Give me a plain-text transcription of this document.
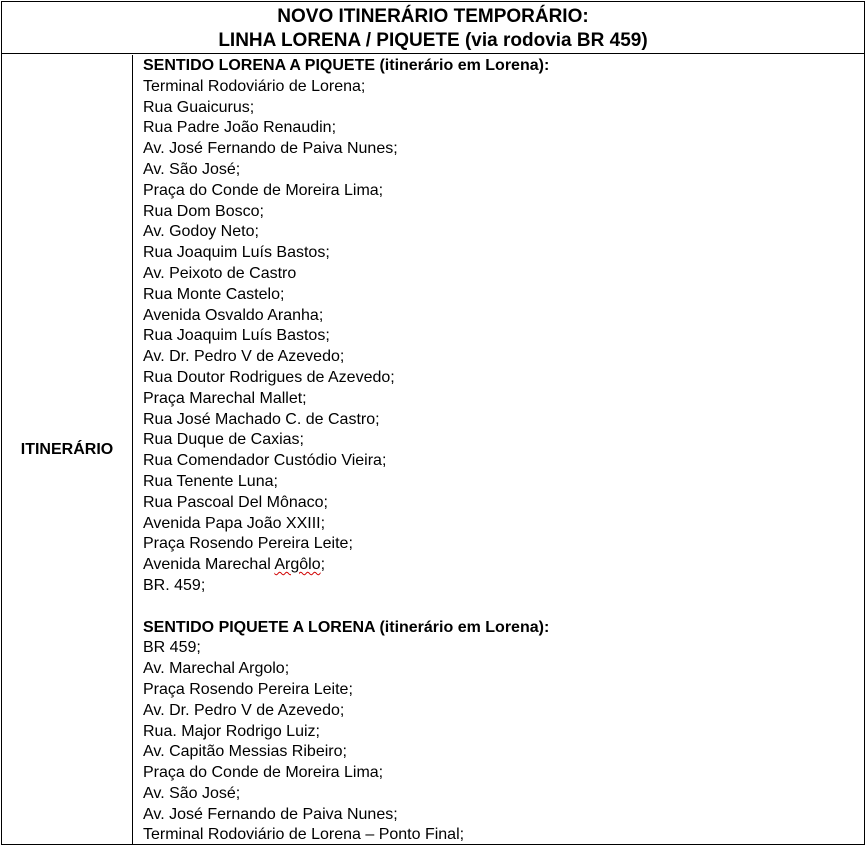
NOVO ITINERÁRIO TEMPORÁRIO:
LINHA LORENA / PIQUETE (via rodovia BR 459)
ITINERÁRIO
SENTIDO LORENA A PIQUETE (itinerário em Lorena):
Terminal Rodoviário de Lorena;
Rua Guaicurus;
Rua Padre João Renaudin;
Av. José Fernando de Paiva Nunes;
Av. São José;
Praça do Conde de Moreira Lima;
Rua Dom Bosco;
Av. Godoy Neto;
Rua Joaquim Luís Bastos;
Av. Peixoto de Castro
Rua Monte Castelo;
Avenida Osvaldo Aranha;
Rua Joaquim Luís Bastos;
Av. Dr. Pedro V de Azevedo;
Rua Doutor Rodrigues de Azevedo;
Praça Marechal Mallet;
Rua José Machado C. de Castro;
Rua Duque de Caxias;
Rua Comendador Custódio Vieira;
Rua Tenente Luna;
Rua Pascoal Del Mônaco;
Avenida Papa João XXIII;
Praça Rosendo Pereira Leite;
Avenida Marechal Argôlo;
BR. 459;
SENTIDO PIQUETE A LORENA (itinerário em Lorena):
BR 459;
Av. Marechal Argolo;
Praça Rosendo Pereira Leite;
Av. Dr. Pedro V de Azevedo;
Rua. Major Rodrigo Luiz;
Av. Capitão Messias Ribeiro;
Praça do Conde de Moreira Lima;
Av. São José;
Av. José Fernando de Paiva Nunes;
Terminal Rodoviário de Lorena – Ponto Final;
